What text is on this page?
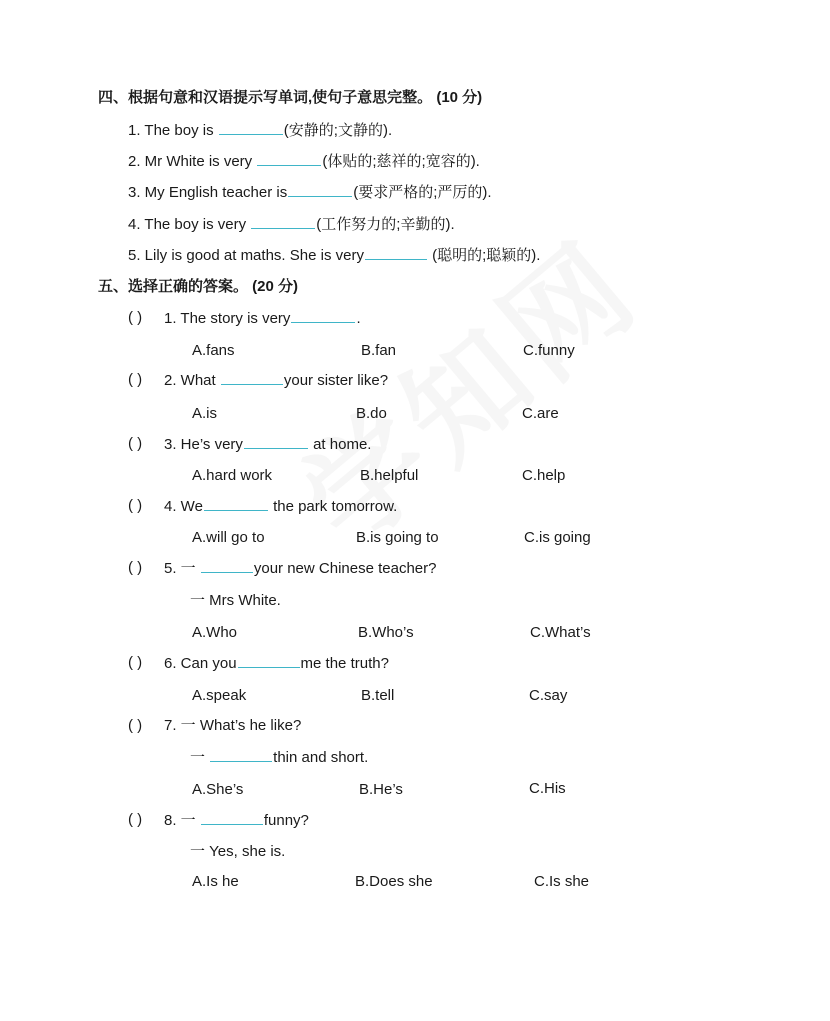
四、根据句意和汉语提示写单词,使句子意思完整。 (10 分)
1. The boy is	(安静的;文静的).
2. Mr White is very	(体贴的;慈祥的;宽容的).
3. My English teacher is	(要求严格的;严厉的).
4. The boy is very	(工作努力的;辛勤的).
5. Lily is good at maths. She is very	(聪明的;聪颖的).
五、选择正确的答案。 (20 分)
( ) 1. The story is very	.
A.fans	B.fan	C.funny
( ) 2. What	your sister like?
A.is	B.do	C.are
( ) 3. He’s very	at home.
A.hard work	B.helpful	C.help
( ) 4. We	the park tomorrow.
A.will go to	B.is going to	C.is going
( ) 5. 一	your new Chinese teacher?
一 Mrs White.
A.Who	B.Who’s	C.What’s
( ) 6. Can you	me the truth?
A.speak	B.tell	C.say
( ) 7. 一 What’s he like?
一	thin and short.
A.She’s	B.He’s	C.His
( ) 8. 一	funny?
一 Yes, she is.
A.Is he	B.Does she	C.Is she
